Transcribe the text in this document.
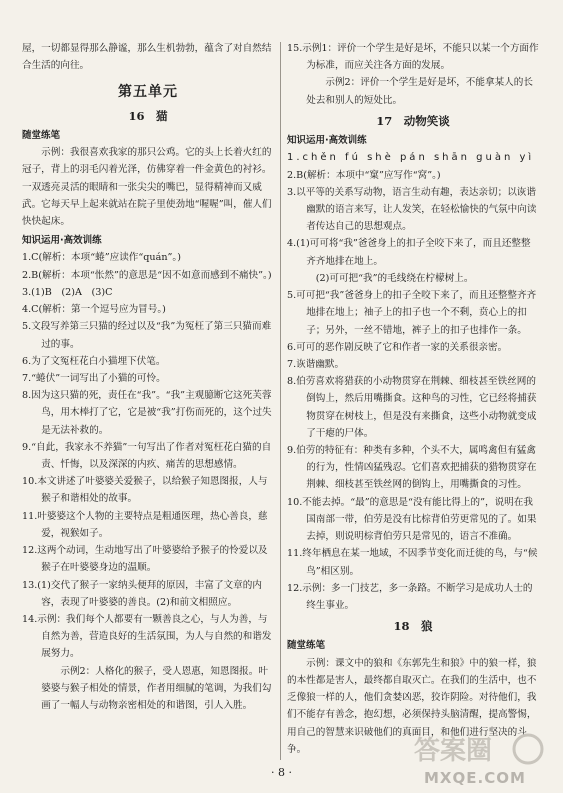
屋，一切都显得那么静谧，那么生机勃勃，蕴含了对自然结
合生活的向往。
第五单元
16　猫
随堂练笔

　　示例：我很喜欢我家的那只公鸡。它的头上长着火红的冠子，背上的羽毛闪着光泽，仿佛穿着一件金黄色的衬衫。一双透亮灵活的眼睛和一张尖尖的嘴巴，显得精神而又威武。它每天早上起来就站在院子里使劲地“喔喔”叫，催人们快快起床。

知识运用·高效训练
1.C(解析：本项“蜷”应读作“quán”。)
2.B(解析：本项“怅然”的意思是“因不如意而感到不痛快”。)
3.(1)B　(2)A　(3)C
4.C(解析：第一个逗号应为冒号。)
5.文段写养第三只猫的经过以及“我”为冤枉了第三只猫而难过的事。
6.为了文冤枉花白小猫埋下伏笔。
7.“蜷伏”一词写出了小猫的可怜。
8.因为这只猫的死，责任在“我”。“我”主观臆断它这死芙蓉鸟，用木棒打了它，它是被“我”打伤而死的，这个过失是无法补救的。
9.“自此，我家永不养猫”一句写出了作者对冤枉花白猫的自责、忏悔，以及深深的内疚、痛苦的思想感情。
10.本文讲述了叶婆婆关爱猴子，以给猴子知恩图报，人与猴子和谐相处的故事。
11.叶婆婆这个人物的主要特点是粗通医理，热心善良，慈爱，视猴如子。
12.这两个动词，生动地写出了叶婆婆给予猴子的怜爱以及猴子在叶婆婆身边的温顺。
13.(1)交代了猴子一家纳头便拜的原因，丰富了文章的内容，表现了叶婆婆的善良。(2)和前文相照应。
14.示例：我们每个人都要有一颗善良之心，与人为善，与自然为善，营造良好的生活氛围，为人与自然的和谐发展努力。
　　示例2：人格化的猴子，受人恩惠，知恩图报。叶婆婆与猴子相处的情景，作者用细腻的笔调，为我们勾画了一幅人与动物亲密相处的和谐图，引人入胜。
15.示例1：评价一个学生是好是坏，不能只以某一个方面作为标准，而应关注各方面的发展。
　　示例2：评价一个学生是好是坏，不能拿某人的长处去和别人的短处比。
17　动物笑谈
知识运用·高效训练
1.chěn fú shè pán shān guàn yì
2.B(解析：本项中“窠”应写作“窝”。)
3.以平等的关系写动物，语言生动有趣，表达亲切；以诙谐幽默的语言来写，让人发笑，在轻松愉快的气氛中向读者传达自己的思想观点。
4.(1)可可将“我”爸爸身上的扣子全咬下来了，而且还整整齐齐地排在地上。
　(2)可可把“我”的毛线绕在柠檬树上。
5.可可把“我”爸爸身上的扣子全咬下来了，而且还整整齐齐地排在地上；袖子上的扣子也一个不剩，贲心上的扣子；另外，一丝不错地，裤子上的扣子也排作一条。
6.可可的恶作剧反映了它和作者一家的关系很亲密。
7.诙谐幽默。
8.伯劳喜欢将猎获的小动物贯穿在荆棘、细枝甚至铁丝网的倒钩上，然后用嘴撕食。这种鸟的习性，它已经将捕获物贯穿在树枝上，但是没有来撕食，这些小动物就变成了干瘪的尸体。
9.伯劳的特征有：种类有多种，个头不大，属鸣禽但有猛禽的行为，性情凶猛残忍。它们喜欢把捕获的猎物贯穿在荆棘、细枝甚至铁丝网的倒钩上，用嘴撕食的习性。
10.不能去掉。“最”的意思是“没有能比得上的”，说明在我国南部一带，伯劳是没有比棕背伯劳更常见的了。如果去掉，则说明棕背伯劳只是常见的，语言不准确。
11.终年栖息在某一地域，不因季节变化而迁徙的鸟，与“候鸟”相区别。
12.示例：多一门技艺，多一条路。不断学习是成功人士的终生事业。
18　狼
随堂练笔

　　示例：课文中的狼和《东郭先生和狼》中的狼一样，狼的本性都是害人，最终都自取灭亡。在我们的生活中，也不乏像狼一样的人，他们贪婪凶恶，狡诈阴险。对待他们，我们不能存有善念，抱幻想，必须保持头脑清醒，提高警惕，用自己的智慧来识破他们的真面目，和他们进行坚决的斗争。

· 8 ·
答案圈
MXQE.COM
